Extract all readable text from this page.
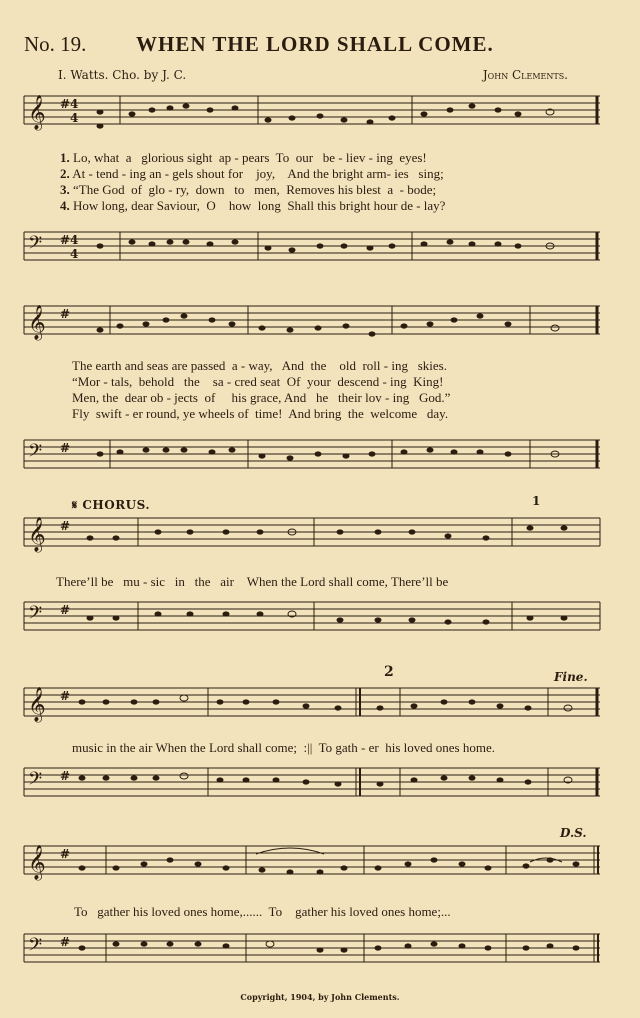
No. 19. WHEN THE LORD SHALL COME.
I. Watts. Cho. by J. C.	John Clements.
𝄞 # 4
4
1. Lo, what  a   glorious sight  ap - pears  To  our   be - liev - ing  eyes!
2. At - tend - ing an - gels shout for    joy,    And the bright arm- ies   sing;
3. “The God  of  glo - ry,  down   to   men,  Removes his blest  a  - bode;
4. How long, dear Saviour,  O    how  long  Shall this bright hour de - lay?
𝄢 # 4
4
𝄞 #
The earth and seas are passed  a - way,   And  the    old  roll - ing   skies.
“Mor - tals,  behold   the    sa - cred seat  Of  your  descend - ing  King!
Men, the  dear ob - jects  of     his grace, And   he   their lov - ing   God.”
Fly  swift - er round, ye wheels of  time!  And bring  the  welcome   day.
𝄢 #
𝄋 CHORUS.	1
𝄞 #
There’ll be   mu - sic   in   the   air    When the Lord shall come, There’ll be
𝄢 #
2	Fine.
𝄞 #
music in the air When the Lord shall come;  :||  To gath - er  his loved ones home.
𝄢 #
D.S.
𝄞 #
To   gather his loved ones home,......  To    gather his loved ones home;...
𝄢 #
Copyright, 1904, by John Clements.
